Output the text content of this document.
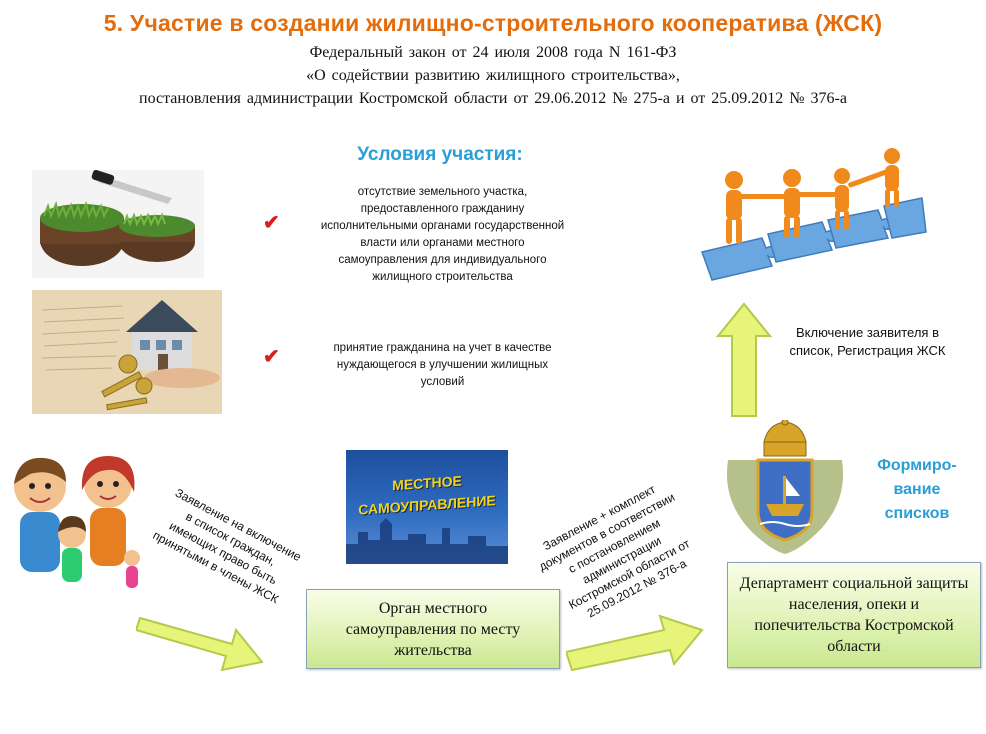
5. Участие в создании жилищно-строительного кооператива (ЖСК)
Федеральный закон от 24 июля 2008 года N 161-ФЗ
«О содействии развитию жилищного строительства»,
постановления администрации Костромской области от 29.06.2012 № 275-а и от 25.09.2012 № 376-а
Условия участия:
✔
✔
отсутствие земельного участка, предоставленного гражданину исполнительными органами государственной власти или органами местного самоуправления для индивидуального жилищного строительства
принятие гражданина на учет в качестве нуждающегося в улучшении жилищных условий
Включение заявителя в список, Регистрация ЖСК
Заявление на включение в список граждан, имеющих право быть принятыми в члены ЖСК
МЕСТНОЕ САМОУПРАВЛЕНИЕ
Орган местного самоуправления по месту жительства
Заявление + комплект документов в соответствии с постановлением администрации Костромской области от 25.09.2012 № 376-а
Формиро-вание списков
Департамент социальной защиты населения, опеки и попечительства Костромской области
